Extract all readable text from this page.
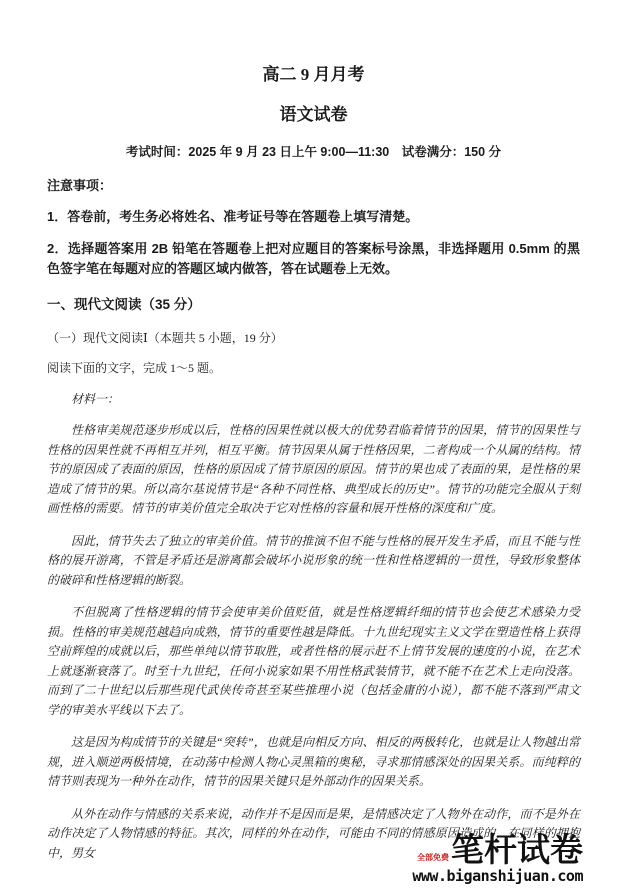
高二 9 月月考
语文试卷
考试时间：2025 年 9 月 23 日上午 9:00—11:30　试卷满分：150 分
注意事项：

1．答卷前，考生务必将姓名、准考证号等在答题卷上填写清楚。

2．选择题答案用 2B 铅笔在答题卷上把对应题目的答案标号涂黑，非选择题用 0.5mm 的黑色签字笔在每题对应的答题区域内做答，答在试题卷上无效。

一、现代文阅读（35 分）
（一）现代文阅读Ⅰ（本题共 5 小题，19 分）

阅读下面的文字，完成 1～5 题。

材料一：

性格审美规范逐步形成以后，性格的因果性就以极大的优势君临着情节的因果，情节的因果性与性格的因果性就不再相互并列，相互平衡。情节因果从属于性格因果，二者构成一个从属的结构。情节的原因成了表面的原因，性格的原因成了情节原因的原因。情节的果也成了表面的果，是性格的果造成了情节的果。所以高尔基说情节是“各种不同性格、典型成长的历史”。情节的功能完全服从于刻画性格的需要。情节的审美价值完全取决于它对性格的容量和展开性格的深度和广度。

因此，情节失去了独立的审美价值。情节的推演不但不能与性格的展开发生矛盾，而且不能与性格的展开游离，不管是矛盾还是游离都会破坏小说形象的统一性和性格逻辑的一贯性，导致形象整体的破碎和性格逻辑的断裂。

不但脱离了性格逻辑的情节会使审美价值贬值，就是性格逻辑纤细的情节也会使艺术感染力受损。性格的审美规范越趋向成熟，情节的重要性越是降低。十九世纪现实主义文学在塑造性格上获得空前辉煌的成就以后，那些单纯以情节取胜，或者性格的展示赶不上情节发展的速度的小说，在艺术上就逐渐衰落了。时至十九世纪，任何小说家如果不用性格武装情节，就不能不在艺术上走向没落。而到了二十世纪以后那些现代武侠传奇甚至某些推理小说（包括金庸的小说），都不能不落到严肃文学的审美水平线以下去了。

这是因为构成情节的关键是“突转”，也就是向相反方向、相反的两极转化，也就是让人物越出常规，进入顺逆两极情境，在动荡中检测人物心灵黑箱的奥秘，寻求那情感深处的因果关系。而纯粹的情节则表现为一种外在动作，情节的因果关键只是外部动作的因果关系。

从外在动作与情感的关系来说，动作并不是因而是果，是情感决定了人物外在动作，而不是外在动作决定了人物情感的特征。其次，同样的外在动作，可能由不同的情感原因造成的，在同样的拥抱中，男女	全部免费 笔杆试卷
www.biganshijuan.com
